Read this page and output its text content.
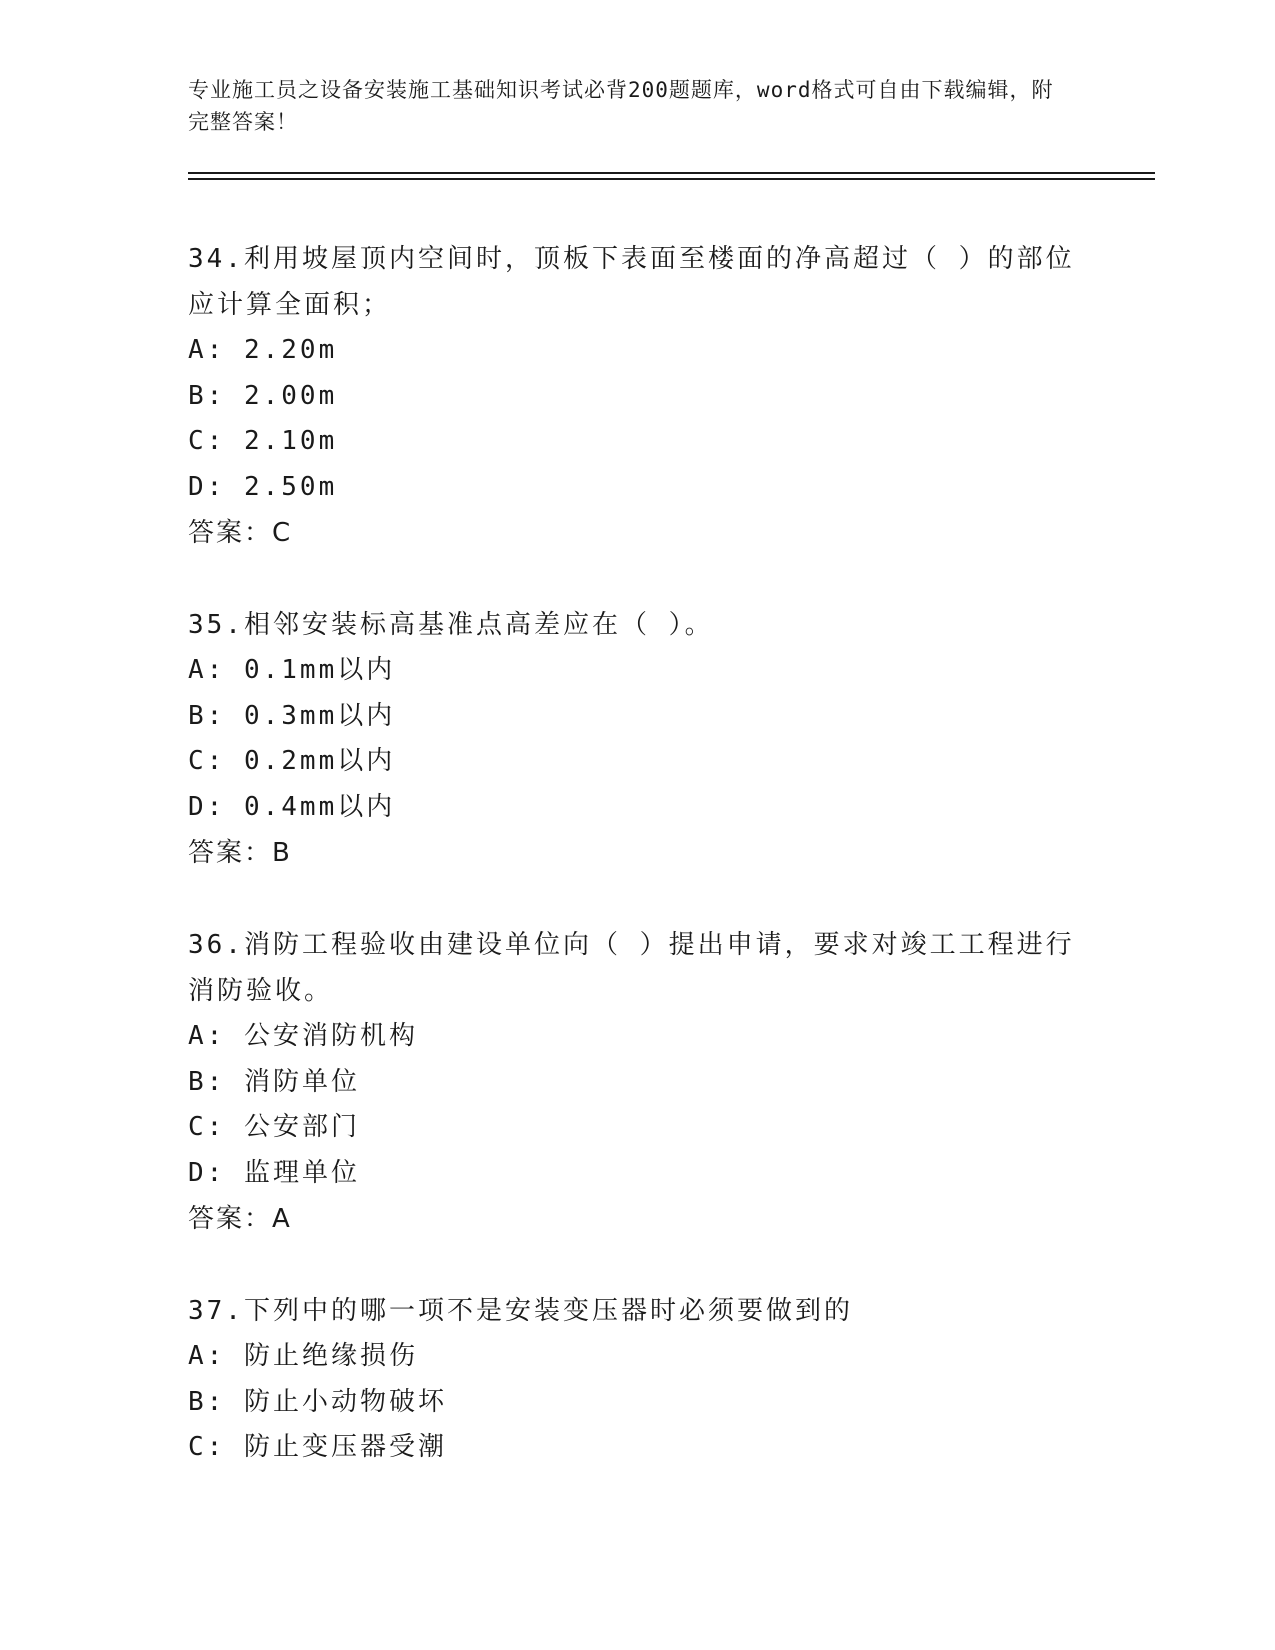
专业施工员之设备安装施工基础知识考试必背200题题库，word格式可自由下载编辑，附完整答案！
34.利用坡屋顶内空间时，顶板下表面至楼面的净高超过（ ）的部位应计算全面积；
A: 2.20m
B: 2.00m
C: 2.10m
D: 2.50m
答案：C
35.相邻安装标高基准点高差应在（ ）。
A: 0.1mm以内
B: 0.3mm以内
C: 0.2mm以内
D: 0.4mm以内
答案：B
36.消防工程验收由建设单位向（ ）提出申请，要求对竣工工程进行消防验收。
A: 公安消防机构
B: 消防单位
C: 公安部门
D: 监理单位
答案：A
37.下列中的哪一项不是安装变压器时必须要做到的
A: 防止绝缘损伤
B: 防止小动物破坏
C: 防止变压器受潮
